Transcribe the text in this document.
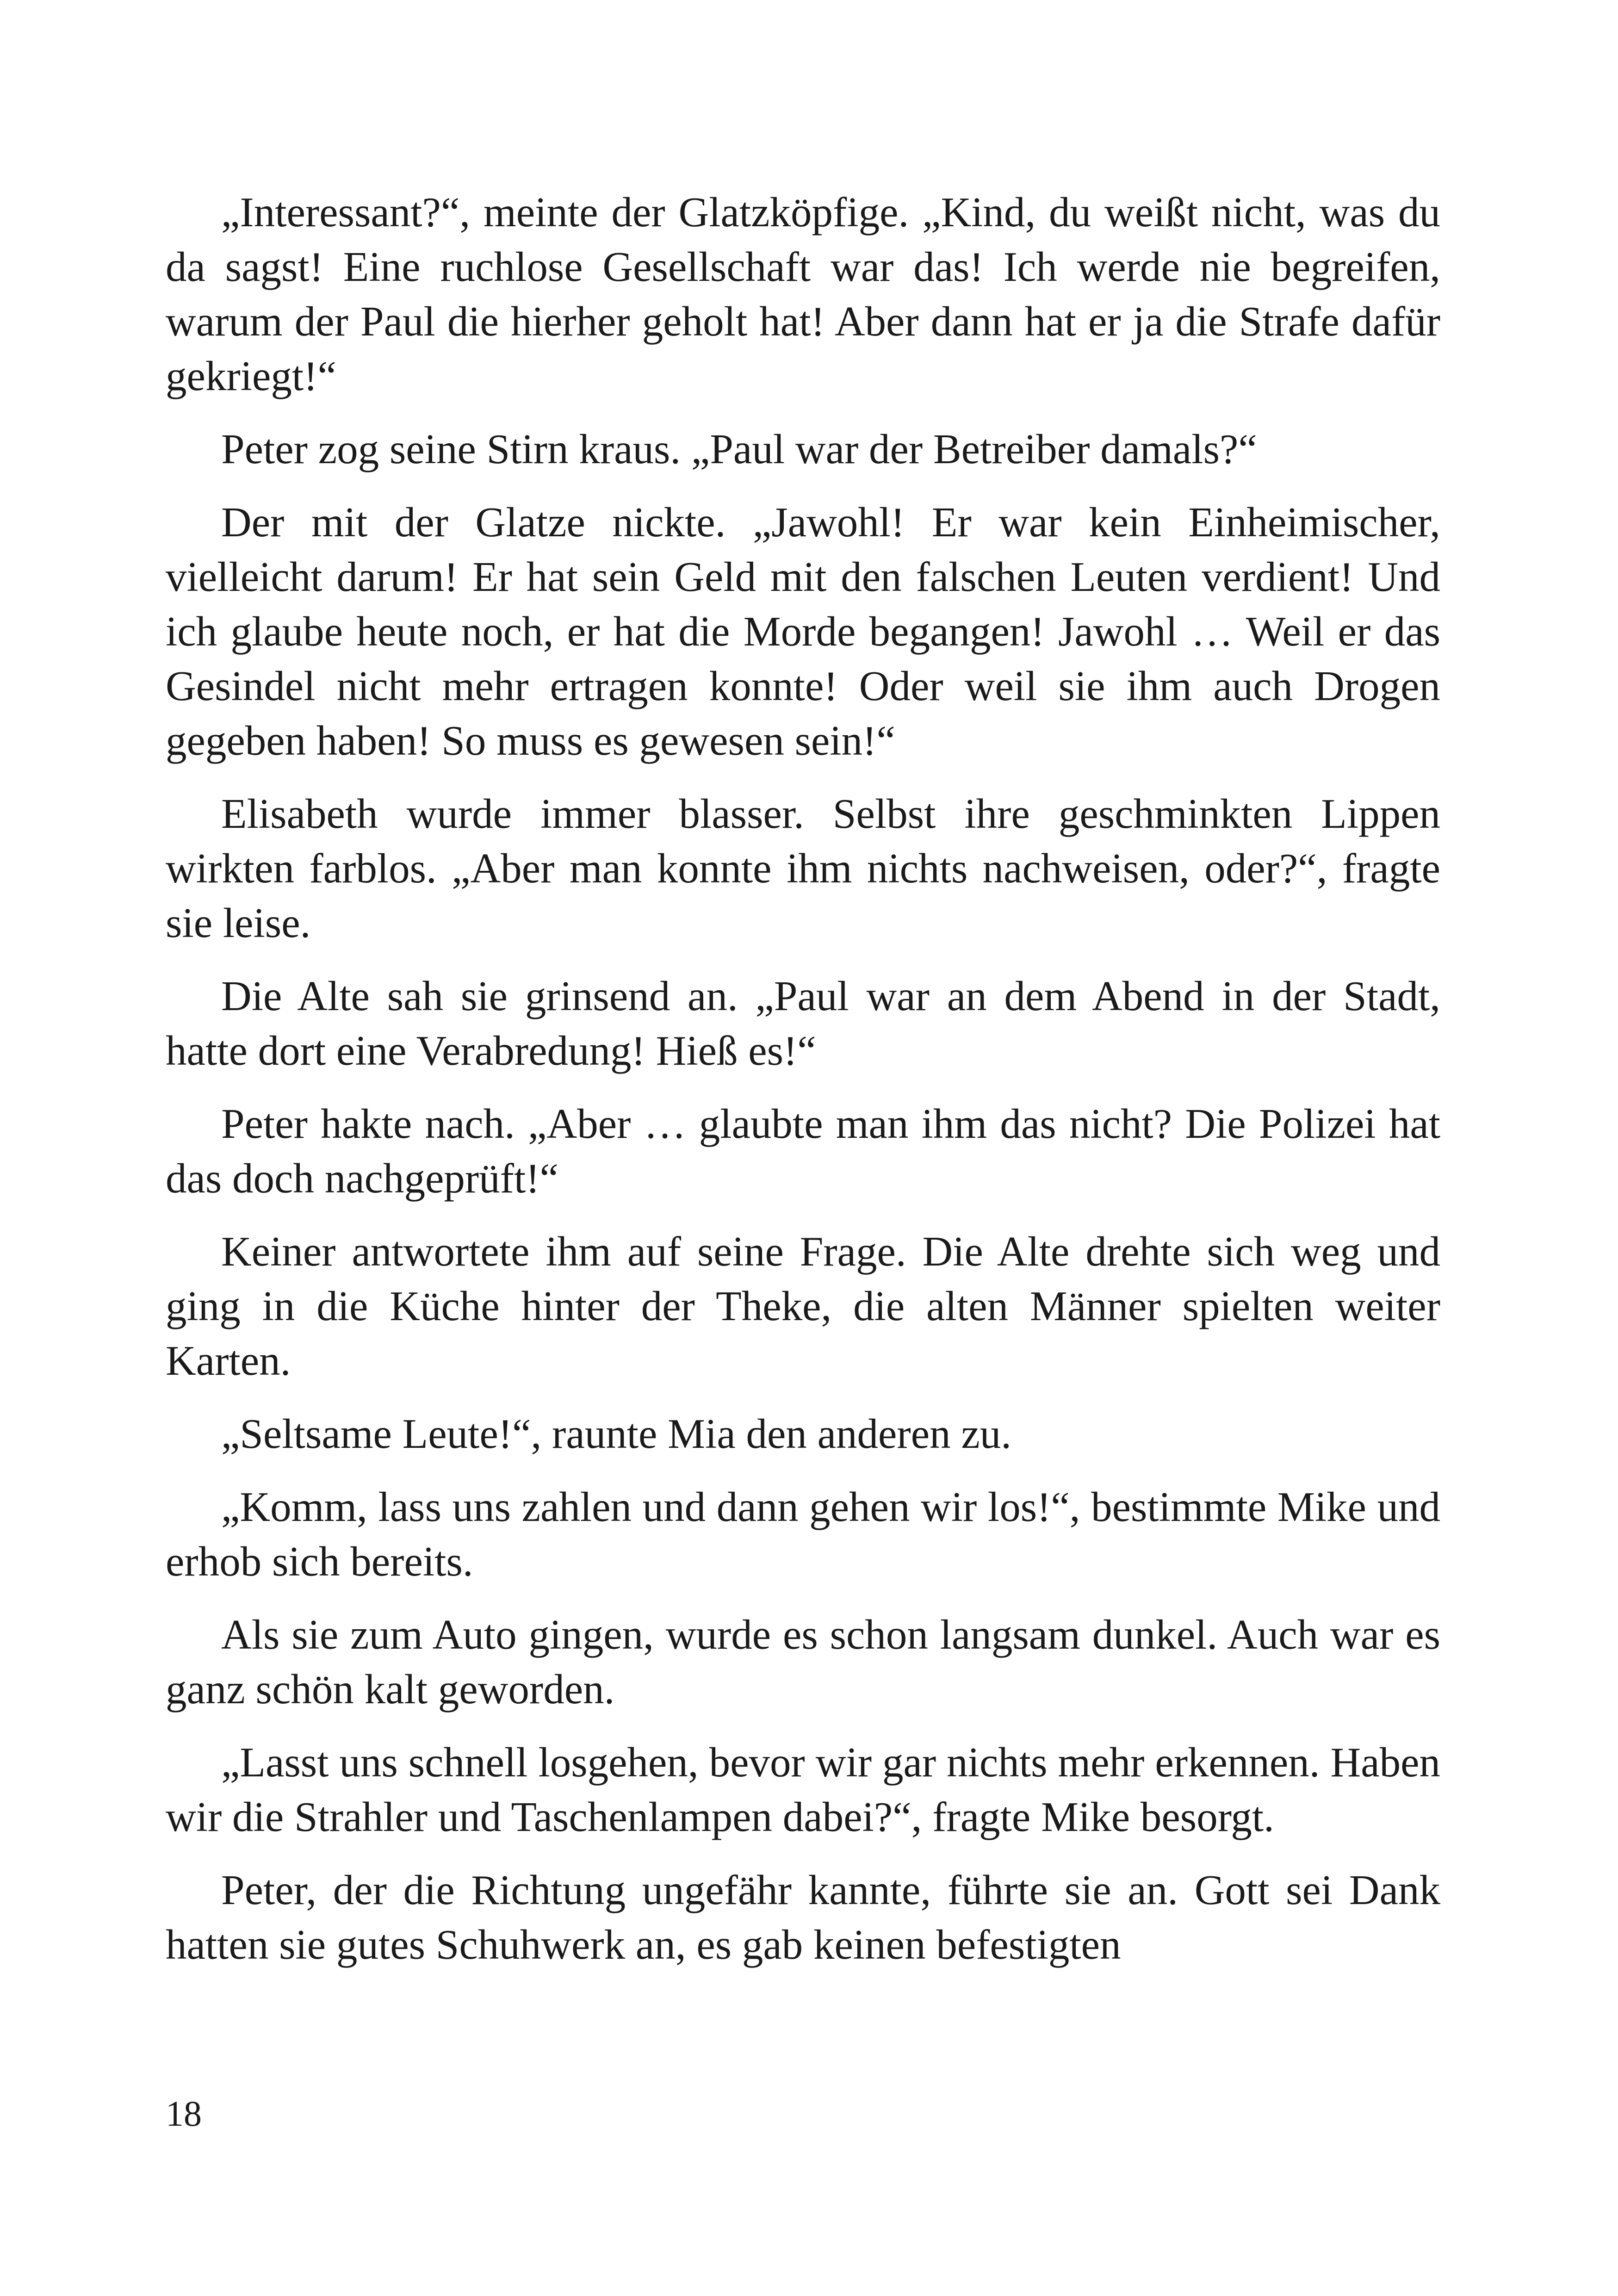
„Interessant?“, meinte der Glatzköpfige. „Kind, du weißt nicht, was du da sagst! Eine ruchlose Gesellschaft war das! Ich werde nie begreifen, warum der Paul die hierher geholt hat! Aber dann hat er ja die Strafe dafür gekriegt!“

Peter zog seine Stirn kraus. „Paul war der Betreiber damals?“

Der mit der Glatze nickte. „Jawohl! Er war kein Einheimischer, vielleicht darum! Er hat sein Geld mit den falschen Leuten verdient! Und ich glaube heute noch, er hat die Morde begangen! Jawohl … Weil er das Gesindel nicht mehr ertragen konnte! Oder weil sie ihm auch Drogen gegeben haben! So muss es gewesen sein!“

Elisabeth wurde immer blasser. Selbst ihre geschminkten Lippen wirkten farblos. „Aber man konnte ihm nichts nachweisen, oder?“, fragte sie leise.

Die Alte sah sie grinsend an. „Paul war an dem Abend in der Stadt, hatte dort eine Verabredung! Hieß es!“

Peter hakte nach. „Aber … glaubte man ihm das nicht? Die Polizei hat das doch nachgeprüft!“

Keiner antwortete ihm auf seine Frage. Die Alte drehte sich weg und ging in die Küche hinter der Theke, die alten Männer spielten weiter Karten.

„Seltsame Leute!“, raunte Mia den anderen zu.

„Komm, lass uns zahlen und dann gehen wir los!“, bestimmte Mike und erhob sich bereits.

Als sie zum Auto gingen, wurde es schon langsam dunkel. Auch war es ganz schön kalt geworden.

„Lasst uns schnell losgehen, bevor wir gar nichts mehr erkennen. Haben wir die Strahler und Taschenlampen dabei?“, fragte Mike besorgt.

Peter, der die Richtung ungefähr kannte, führte sie an. Gott sei Dank hatten sie gutes Schuhwerk an, es gab keinen befestigten

18
